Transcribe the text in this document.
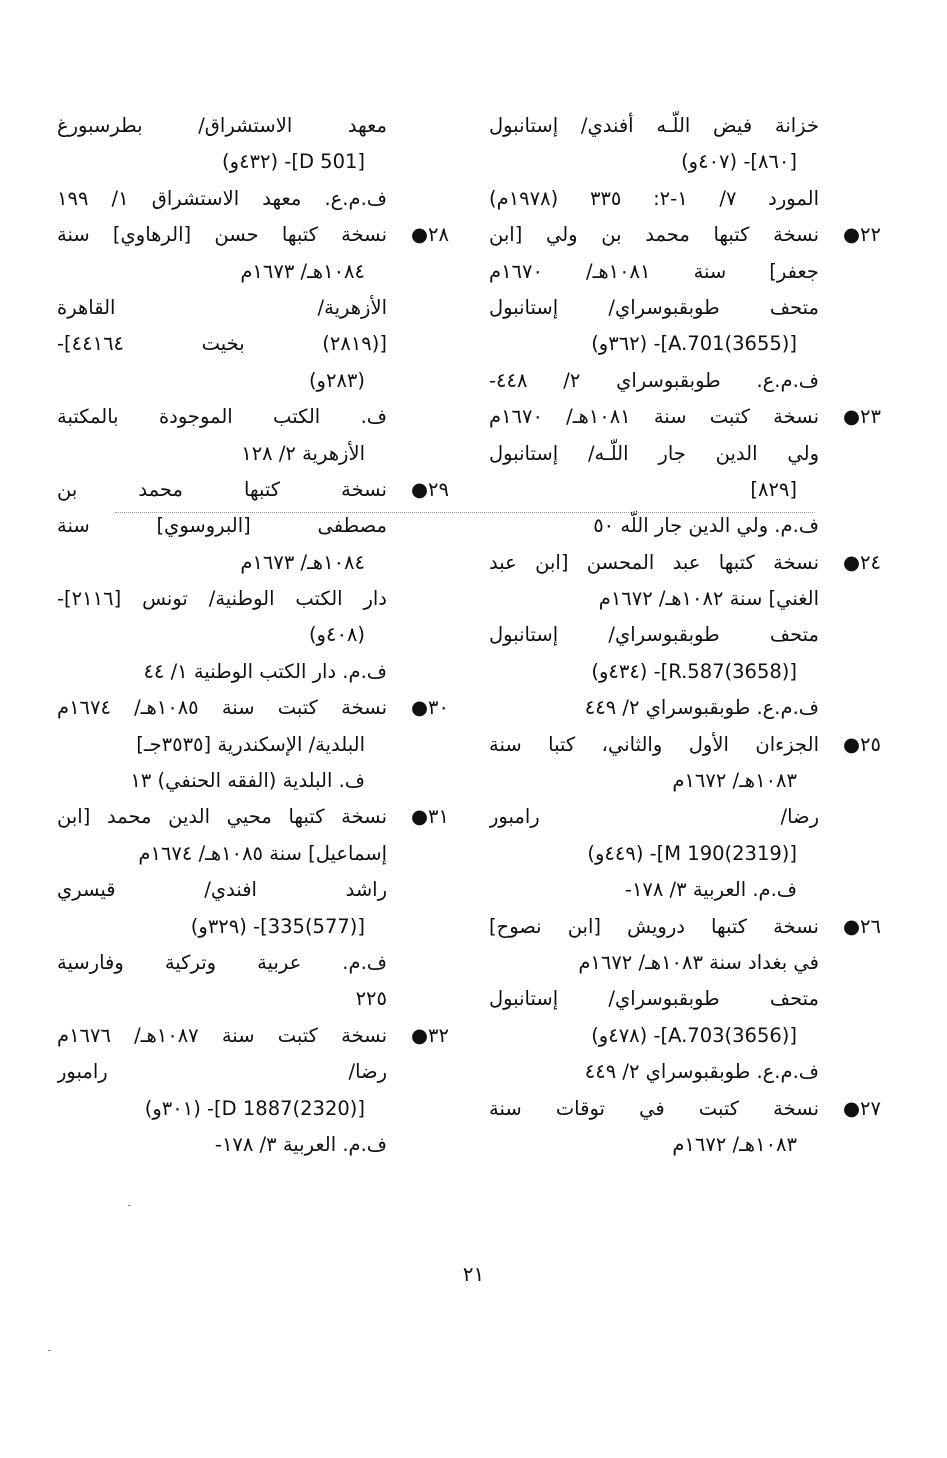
خزانة فيض اللّـه أفندي/ إستانبول
[٨٦٠]- (٤٠٧و)
المورد ٧/ ١-٢: ٣٣٥ (١٩٧٨م)
٢٢●
نسخة كتبها محمد بن ولي [ابن
جعفر] سنة ١٠٨١هـ/ ١٦٧٠م
متحف طوبقبوسراي/ إستانبول
[(3655)A.701]- (٣٦٢و)
ف.م.ع. طوبقبوسراي ٢/ ٤٤٨-
٢٣●
نسخة كتبت سنة ١٠٨١هـ/ ١٦٧٠م
ولي الدين جار اللّـه/ إستانبول
[٨٢٩]
ف.م. ولي الدين جار اللّه ٥٠
٢٤●
نسخة كتبها عبد المحسن [ابن عبد
الغني] سنة ١٠٨٢هـ/ ١٦٧٢م
متحف طوبقبوسراي/ إستانبول
[(3658)R.587]- (٤٣٤و)
ف.م.ع. طوبقبوسراي ٢/ ٤٤٩
٢٥●
الجزءان الأول والثاني، كتبا سنة
١٠٨٣هـ/ ١٦٧٢م
رضا/ رامبور
[(2319)190 M]- (٤٤٩و)
ف.م. العربية ٣/ ١٧٨-
٢٦●
نسخة كتبها درويش [ابن نصوح]
في بغداد سنة ١٠٨٣هـ/ ١٦٧٢م
متحف طوبقبوسراي/ إستانبول
[(3656)A.703]- (٤٧٨و)
ف.م.ع. طوبقبوسراي ٢/ ٤٤٩
٢٧●
نسخة كتبت في توقات سنة
١٠٨٣هـ/ ١٦٧٢م
معهد الاستشراق/ بطرسبورغ
[D 501]- (٤٣٢و)
ف.م.ع. معهد الاستشراق ١/ ١٩٩
٢٨●
نسخة كتبها حسن [الرهاوي] سنة
١٠٨٤هـ/ ١٦٧٣م
الأزهرية/ القاهرة
[(٢٨١٩) بخيت ٤٤١٦٤]-
(٢٨٣و)
ف. الكتب الموجودة بالمكتبة
الأزهرية ٢/ ١٢٨
٢٩●
نسخة كتبها محمد بن
مصطفى [البروسوي] سنة
١٠٨٤هـ/ ١٦٧٣م
دار الكتب الوطنية/ تونس [٢١١٦]-
(٤٠٨و)
ف.م. دار الكتب الوطنية ١/ ٤٤
٣٠●
نسخة كتبت سنة ١٠٨٥هـ/ ١٦٧٤م
البلدية/ الإسكندرية [٣٥٣٥جـ]
ف. البلدية (الفقه الحنفي) ١٣
٣١●
نسخة كتبها محيي الدين محمد [ابن
إسماعيل] سنة ١٠٨٥هـ/ ١٦٧٤م
راشد افندي/ قيسري
[(577)335]- (٣٢٩و)
ف.م. عربية وتركية وفارسية
٢٢٥
٣٢●
نسخة كتبت سنة ١٠٨٧هـ/ ١٦٧٦م
رضا/ رامبور
[(2320)1887 D]- (٣٠١و)
ف.م. العربية ٣/ ١٧٨-
٢١
